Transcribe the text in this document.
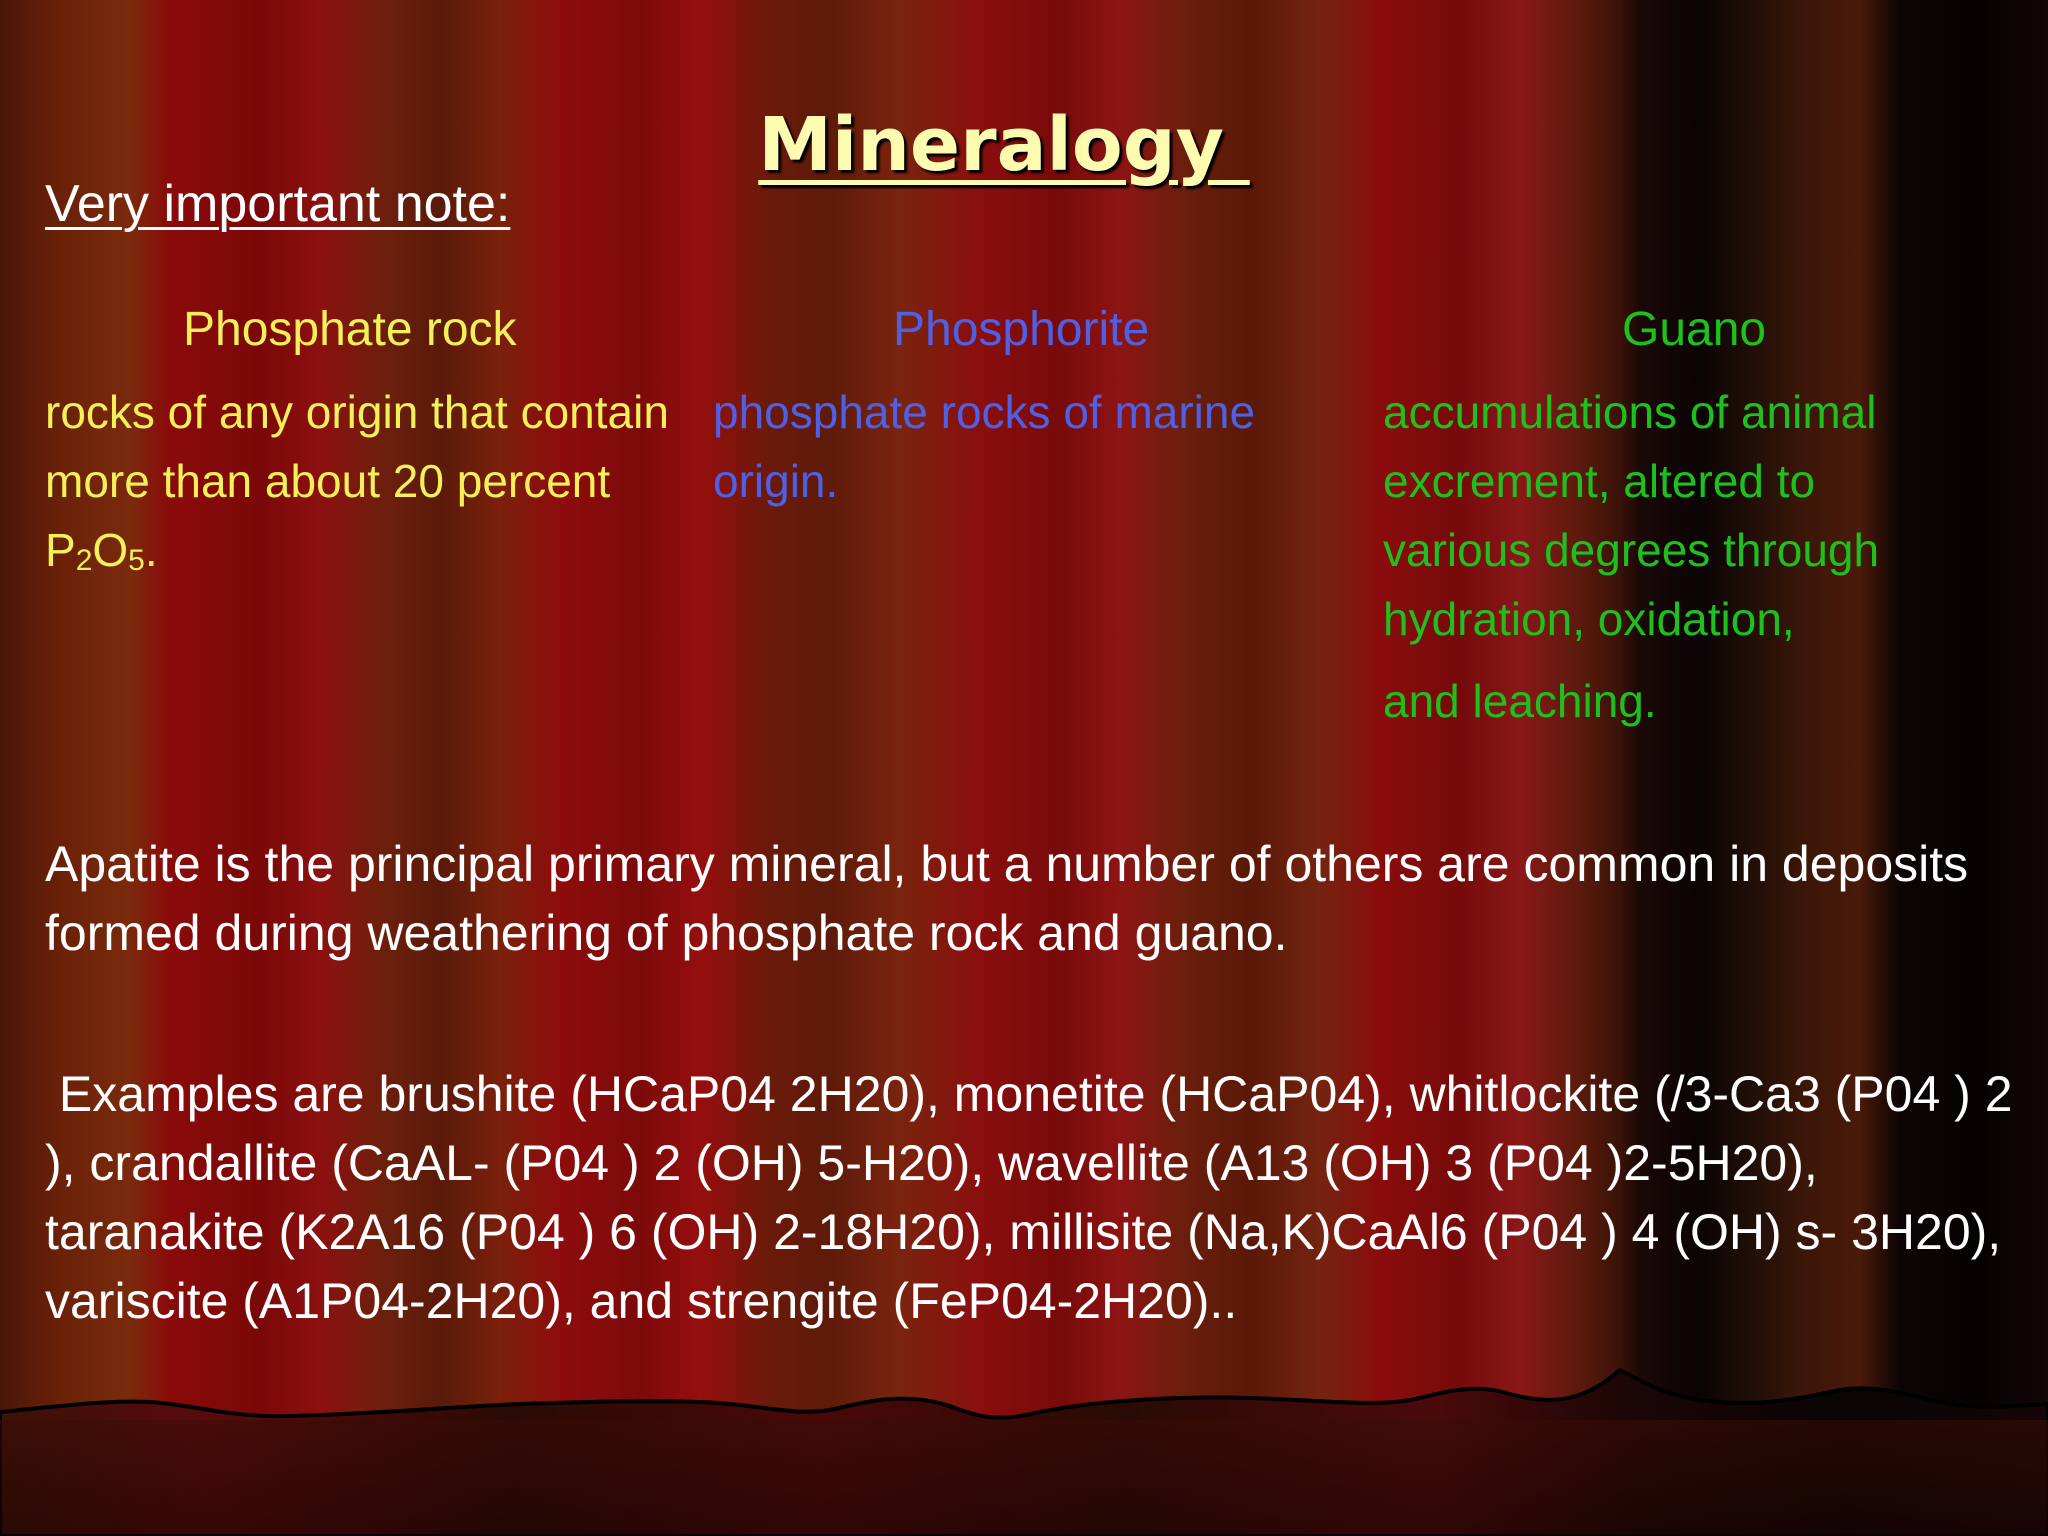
Mineralogy
Very important note:
Phosphate rock	Phosphorite	Guano

rocks of any origin that contain more than about 20 percent P2O5.

phosphate rocks of marine origin.

accumulations of animal
excrement, altered to
various degrees through
hydration, oxidation,
and leaching.

Apatite is the principal primary mineral, but a number of others are common in deposits formed during weathering of phosphate rock and guano.

Examples are brushite (HCaP04 2H20), monetite (HCaP04), whitlockite (/3-Ca3 (P04 ) 2 ), crandallite (CaAL- (P04 ) 2 (OH) 5-H20), wavellite (A13 (OH) 3 (P04 )2-5H20), taranakite (K2A16 (P04 ) 6 (OH) 2-18H20), millisite (Na,K)CaAl6 (P04 ) 4 (OH) s- 3H20), variscite (A1P04-2H20), and strengite (FeP04-2H20)..
